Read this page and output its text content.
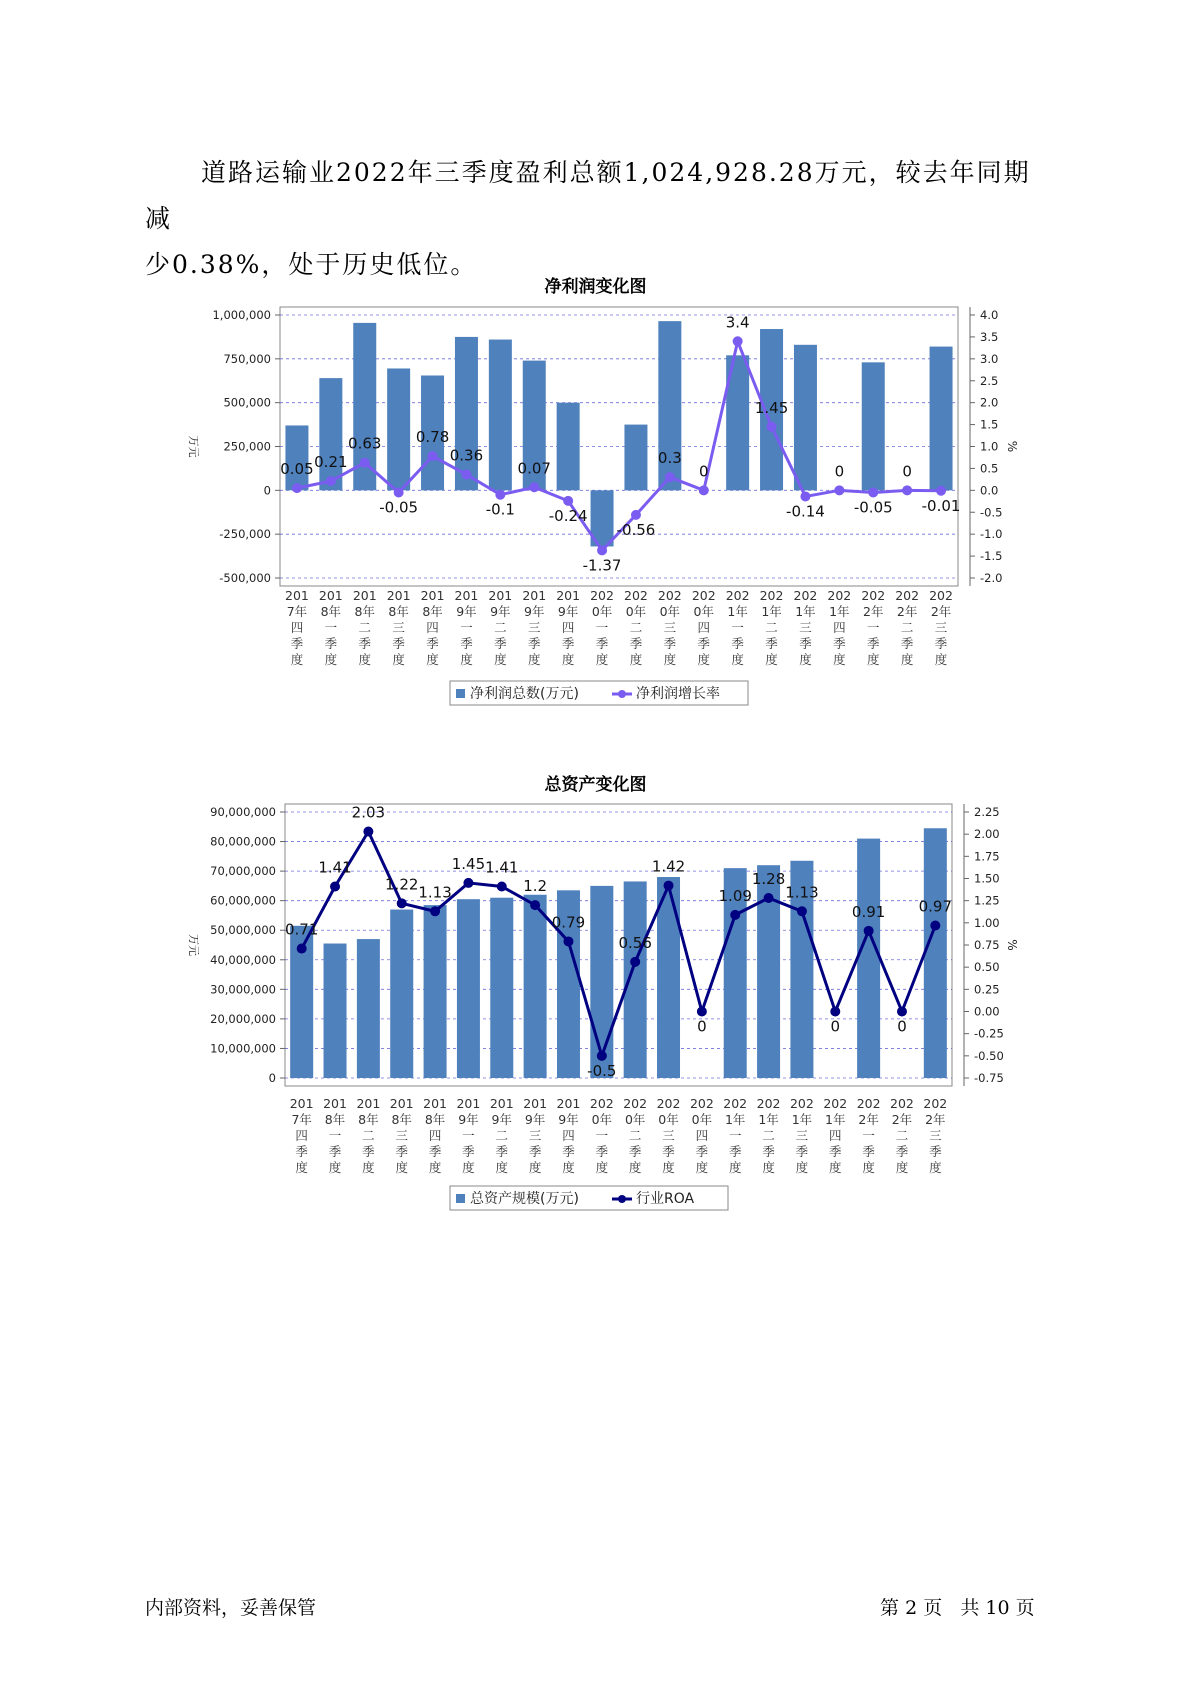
道路运输业2022年三季度盈利总额1,024,928.28万元，较去年同期减
少0.38%，处于历史低位。

净利润变化图
1,000,000
750,000
500,000
250,000
0
-250,000
-500,000
4.0
3.5
3.0
2.5
2.0
1.5
1.0
0.5
0.0
-0.5
-1.0
-1.5
-2.0
万元	%
0.05 0.21
0.63
-0.05
0.78
0.36
-0.1
0.07
-0.24
-1.37
-0.56
0.3
0
3.4
1.45
-0.14
0
-0.05
0
-0.01
201
7年
四
季
度
201
8年
一
季
度
201
8年
二
季
度
201
8年
三
季
度
201
8年
四
季
度
201
9年
一
季
度
201
9年
二
季
度
201
9年
三
季
度
201
9年
四
季
度
202
0年
一
季
度
202
0年
二
季
度
202
0年
三
季
度
202
0年
四
季
度
202
1年
一
季
度
202
1年
二
季
度
202
1年
三
季
度
202
1年
四
季
度
202
2年
一
季
度
202
2年
二
季
度
202
2年
三
季
度
净利润总数(万元)	净利润增长率
总资产变化图
90,000,000
80,000,000
70,000,000
60,000,000
50,000,000
40,000,000
30,000,000
20,000,000
10,000,000
0
2.25
2.00
1.75
1.50
1.25
1.00
0.75
0.50
0.25
0.00
-0.25
-0.50
-0.75
万元	%
0.71
1.41
2.03
1.22 1.13
1.45 1.41
1.2
0.79
-0.5
0.56
1.42
0
1.09
1.28
1.13
0
0.91
0
0.97
201
7年
四
季
度
201
8年
一
季
度
201
8年
二
季
度
201
8年
三
季
度
201
8年
四
季
度
201
9年
一
季
度
201
9年
二
季
度
201
9年
三
季
度
201
9年
四
季
度
202
0年
一
季
度
202
0年
二
季
度
202
0年
三
季
度
202
0年
四
季
度
202
1年
一
季
度
202
1年
二
季
度
202
1年
三
季
度
202
1年
四
季
度
202
2年
一
季
度
202
2年
二
季
度
202
2年
三
季
度
总资产规模(万元)	行业ROA
内部资料，妥善保管	第 2 页 共 10 页
